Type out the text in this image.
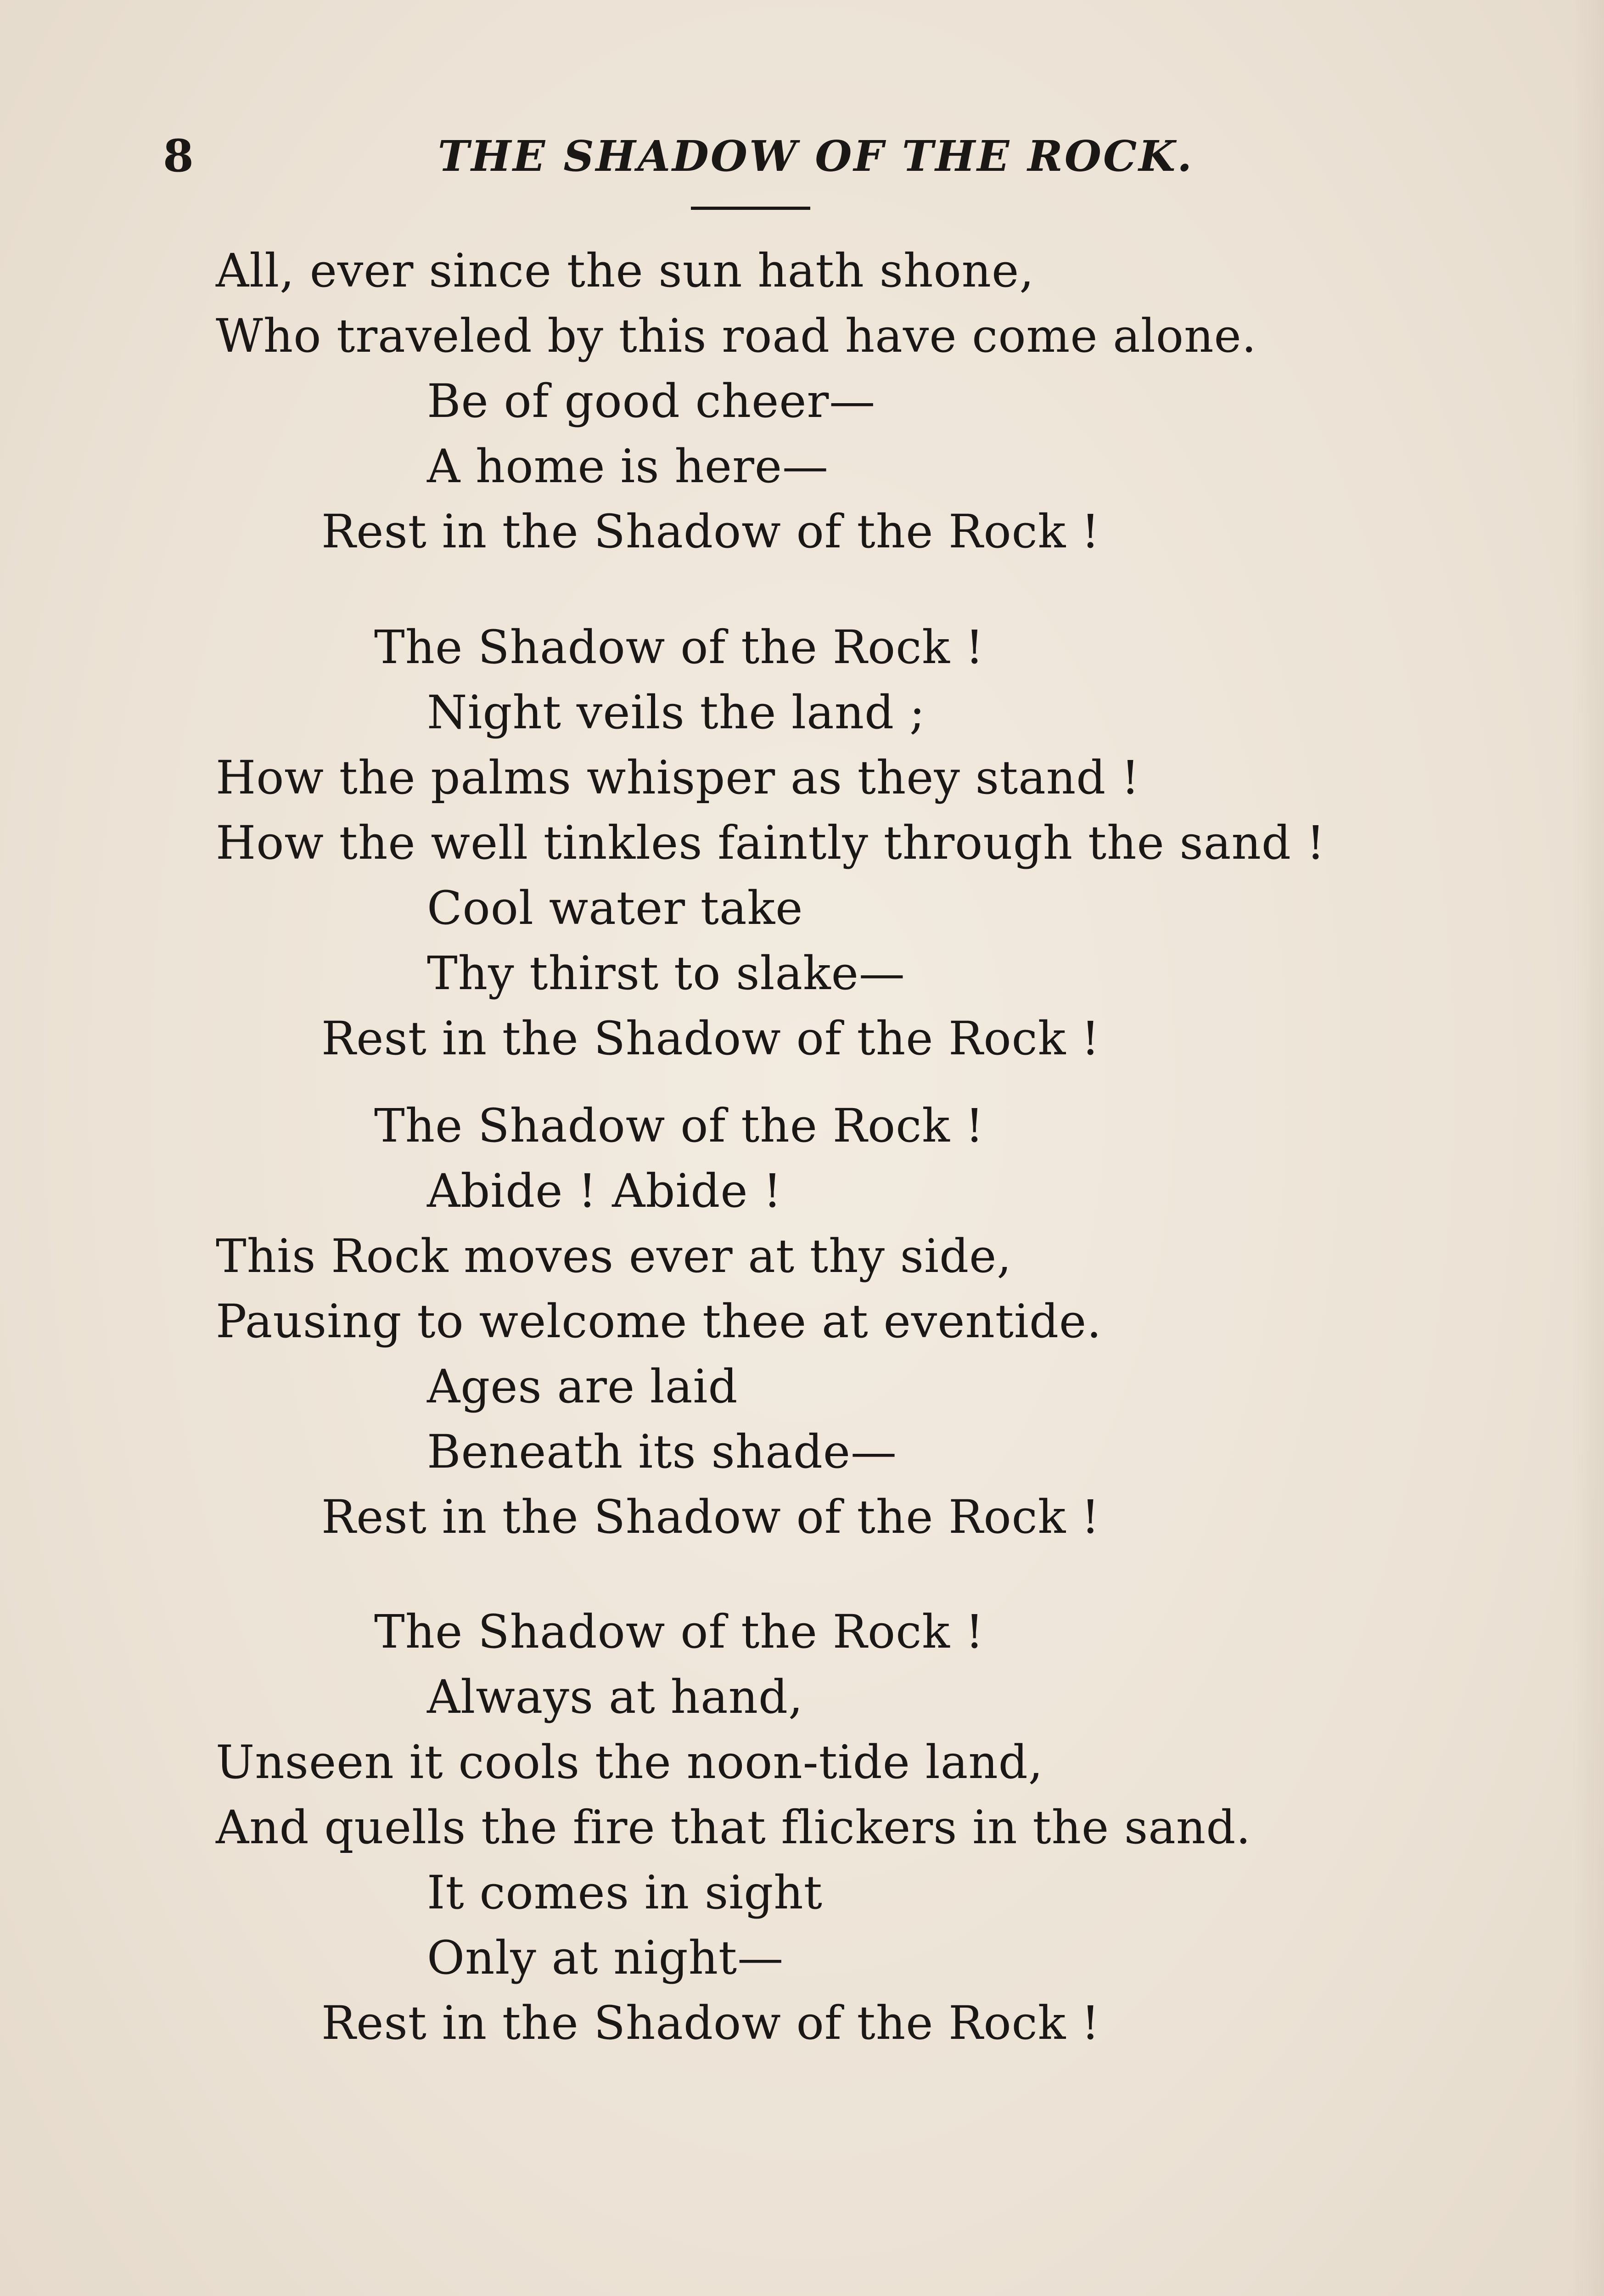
8	THE SHADOW OF THE ROCK.
All, ever since the sun hath shone,
Who traveled by this road have come alone.
Be of good cheer—
A home is here—
Rest in the Shadow of the Rock !
The Shadow of the Rock !
Night veils the land ;
How the palms whisper as they stand !
How the well tinkles faintly through the sand !
Cool water take
Thy thirst to slake—
Rest in the Shadow of the Rock !
The Shadow of the Rock !
Abide ! Abide !
This Rock moves ever at thy side,
Pausing to welcome thee at eventide.
Ages are laid
Beneath its shade—
Rest in the Shadow of the Rock !
The Shadow of the Rock !
Always at hand,
Unseen it cools the noon-tide land,
And quells the fire that flickers in the sand.
It comes in sight
Only at night—
Rest in the Shadow of the Rock !
